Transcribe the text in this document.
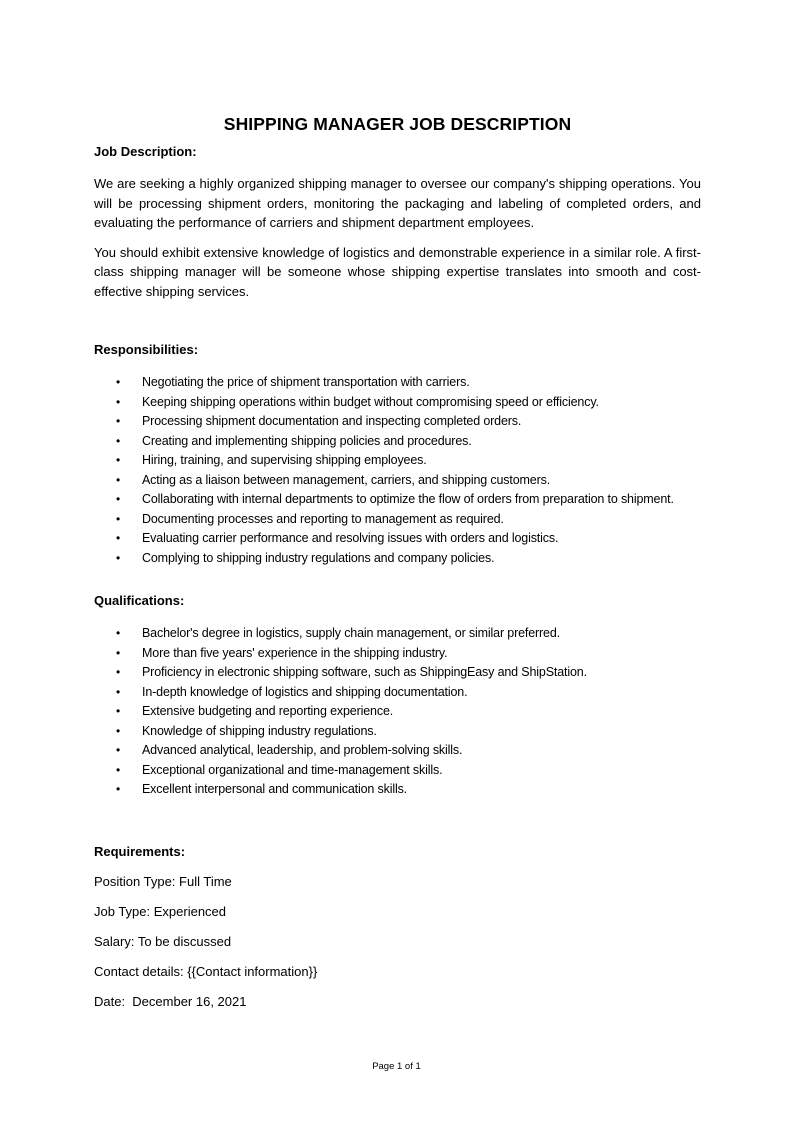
SHIPPING MANAGER JOB DESCRIPTION

Job Description:

We are seeking a highly organized shipping manager to oversee our company's shipping operations. You will be processing shipment orders, monitoring the packaging and labeling of completed orders, and evaluating the performance of carriers and shipment department employees.

You should exhibit extensive knowledge of logistics and demonstrable experience in a similar role. A first-class shipping manager will be someone whose shipping expertise translates into smooth and cost-effective shipping services.

Responsibilities:

• Negotiating the price of shipment transportation with carriers.
• Keeping shipping operations within budget without compromising speed or efficiency.
• Processing shipment documentation and inspecting completed orders.
• Creating and implementing shipping policies and procedures.
• Hiring, training, and supervising shipping employees.
• Acting as a liaison between management, carriers, and shipping customers.
• Collaborating with internal departments to optimize the flow of orders from preparation to shipment.
• Documenting processes and reporting to management as required.
• Evaluating carrier performance and resolving issues with orders and logistics.
• Complying to shipping industry regulations and company policies.

Qualifications:

• Bachelor's degree in logistics, supply chain management, or similar preferred.
• More than five years' experience in the shipping industry.
• Proficiency in electronic shipping software, such as ShippingEasy and ShipStation.
• In-depth knowledge of logistics and shipping documentation.
• Extensive budgeting and reporting experience.
• Knowledge of shipping industry regulations.
• Advanced analytical, leadership, and problem-solving skills.
• Exceptional organizational and time-management skills.
• Excellent interpersonal and communication skills.

Requirements:

Position Type: Full Time

Job Type: Experienced

Salary: To be discussed

Contact details: {{Contact information}}

Date:  December 16, 2021

Page 1 of 1
